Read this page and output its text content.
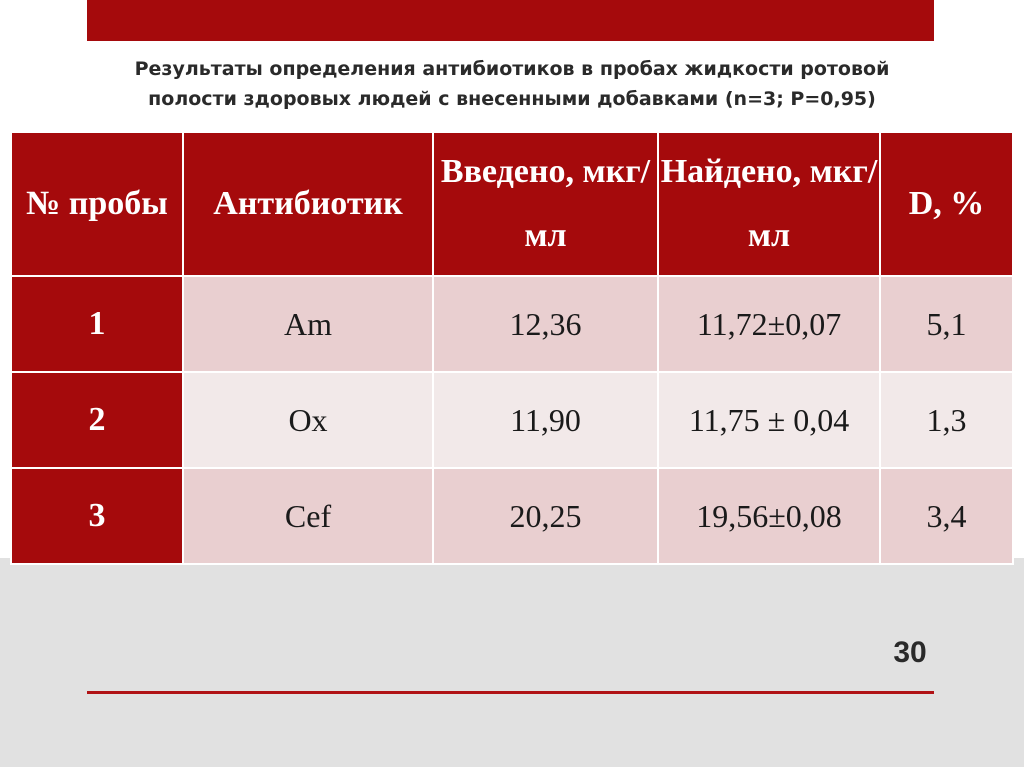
Результаты определения антибиотиков в пробах жидкости ротовой
полости здоровых людей с внесенными добавками (n=3; P=0,95)
№ пробы	Антибиотик	Введено, мкг/мл	Найдено, мкг/мл	D, %
1	Am	12,36	11,72±0,07	5,1
2	Ox	11,90	11,75 ± 0,04	1,3
3	Cef	20,25	19,56±0,08	3,4
30
